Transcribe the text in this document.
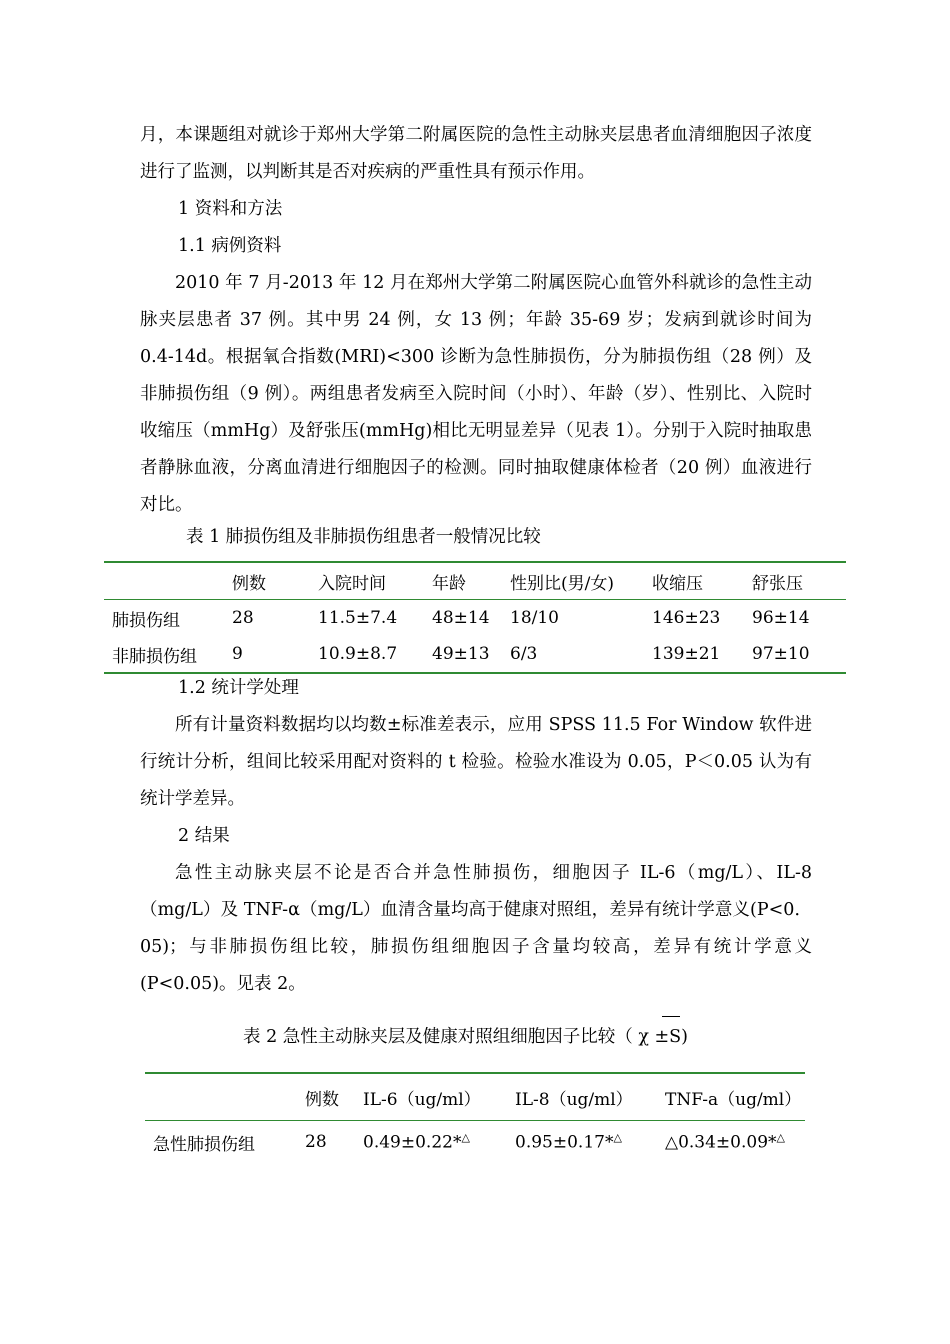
月，本课题组对就诊于郑州大学第二附属医院的急性主动脉夹层患者血清细胞因子浓度进行了监测，以判断其是否对疾病的严重性具有预示作用。

1 资料和方法

1.1 病例资料

2010 年 7 月-2013 年 12 月在郑州大学第二附属医院心血管外科就诊的急性主动脉夹层患者 37 例。其中男 24 例，女 13 例；年龄 35-69 岁；发病到就诊时间为 0.4-14d。根据氧合指数(MRI)<300 诊断为急性肺损伤，分为肺损伤组（28 例）及非肺损伤组（9 例）。两组患者发病至入院时间（小时）、年龄（岁）、性别比、入院时收缩压（mmHg）及舒张压(mmHg)相比无明显差异（见表 1）。分别于入院时抽取患者静脉血液，分离血清进行细胞因子的检测。同时抽取健康体检者（20 例）血液进行对比。

表 1 肺损伤组及非肺损伤组患者一般情况比较

	例数	入院时间	年龄	性别比(男/女)	收缩压	舒张压
肺损伤组	28	11.5±7.4	48±14	18/10	146±23	96±14
非肺损伤组	9	10.9±8.7	49±13	6/3	139±21	97±10

1.2 统计学处理

所有计量资料数据均以均数±标准差表示，应用 SPSS 11.5 For Window 软件进行统计分析，组间比较采用配对资料的 t 检验。检验水准设为 0.05，P＜0.05 认为有统计学差异。

2 结果

急性主动脉夹层不论是否合并急性肺损伤，细胞因子 IL-6（mg/L）、IL-8（mg/L）及 TNF-α（mg/L）血清含量均高于健康对照组，差异有统计学意义(P<0．05)；与非肺损伤组比较，肺损伤组细胞因子含量均较高，差异有统计学意义(P<0.05)。见表 2。

表 2 急性主动脉夹层及健康对照组细胞因子比较（ χ ±S)

	例数	IL-6（ug/ml）	IL-8（ug/ml）	TNF-a（ug/ml）
急性肺损伤组	28	0.49±0.22*△	0.95±0.17*△	△0.34±0.09*△
